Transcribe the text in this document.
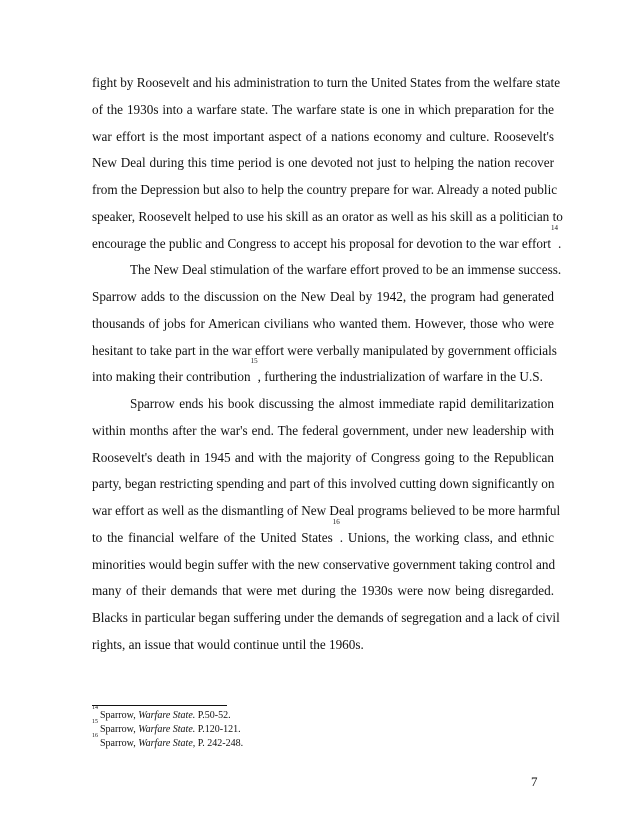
fight by Roosevelt and his administration to turn the United States from the welfare state
of the 1930s into a warfare state. The warfare state is one in which preparation for the
war effort is the most important aspect of a nations economy and culture. Roosevelt's
New Deal during this time period is one devoted not just to helping the nation recover
from the Depression but also to help the country prepare for war. Already a noted public
speaker, Roosevelt helped to use his skill as an orator as well as his skill as a politician to
encourage the public and Congress to accept his proposal for devotion to the war effort$^{14}$.
The New Deal stimulation of the warfare effort proved to be an immense success.
Sparrow adds to the discussion on the New Deal by 1942, the program had generated
thousands of jobs for American civilians who wanted them. However, those who were
hesitant to take part in the war effort were verbally manipulated by government officials
into making their contribution$^{15}$, furthering the industrialization of warfare in the U.S.
Sparrow ends his book discussing the almost immediate rapid demilitarization
within months after the war's end. The federal government, under new leadership with
Roosevelt's death in 1945 and with the majority of Congress going to the Republican
party, began restricting spending and part of this involved cutting down significantly on
war effort as well as the dismantling of New Deal programs believed to be more harmful
to the financial welfare of the United States$^{16}$. Unions, the working class, and ethnic
minorities would begin suffer with the new conservative government taking control and
many of their demands that were met during the 1930s were now being disregarded.
Blacks in particular began suffering under the demands of segregation and a lack of civil
rights, an issue that would continue until the 1960s.
$^{14}$Sparrow, Warfare State. P.50-52.
$^{15}$Sparrow, Warfare State. P.120-121.
$^{16}$Sparrow, Warfare State, P. 242-248.
7
